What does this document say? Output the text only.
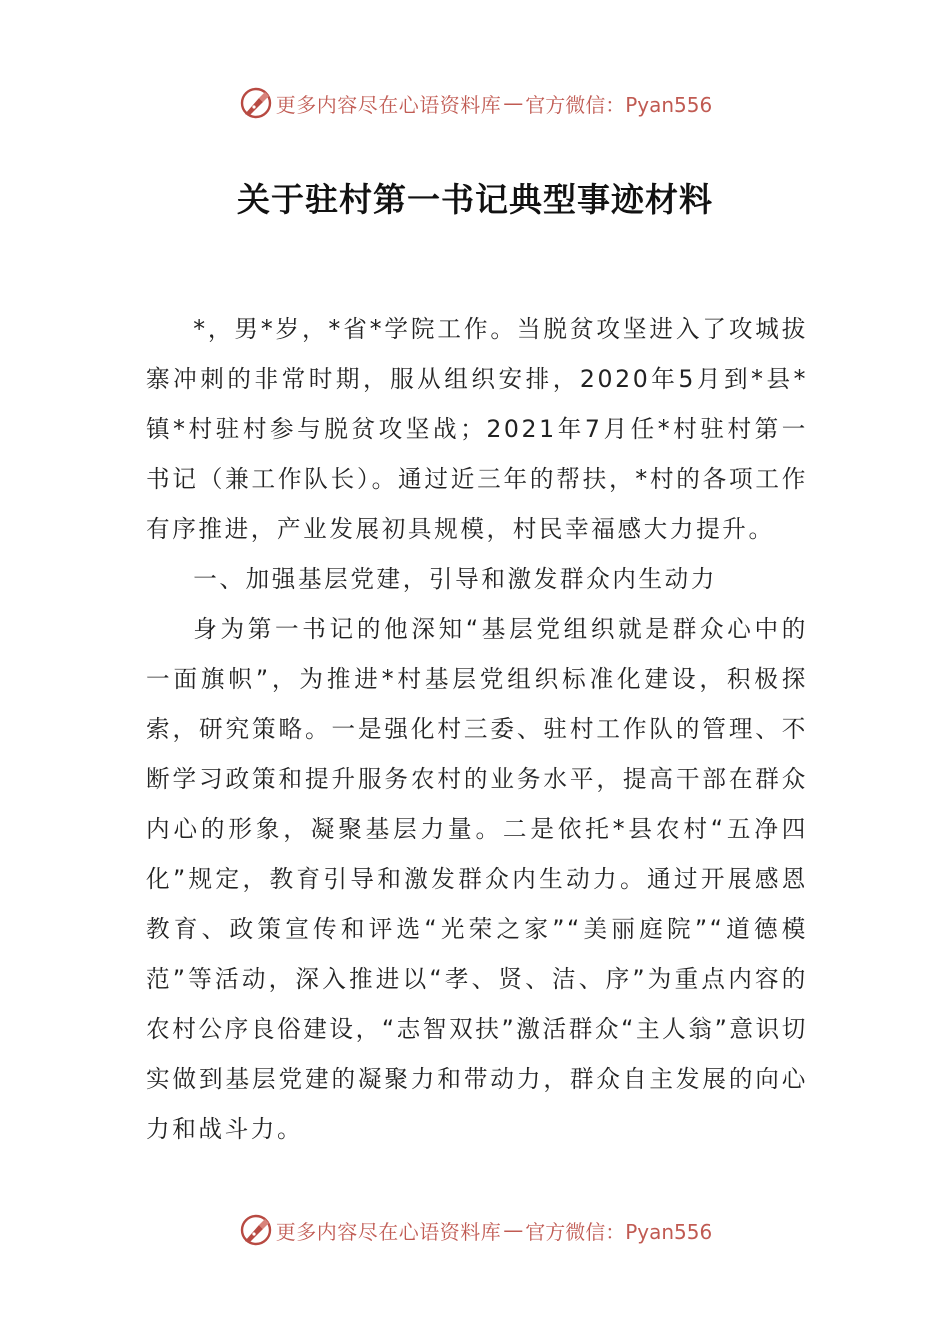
更多内容尽在心语资料库 — 官方微信：Pyan556
关于驻村第一书记典型事迹材料

*，男*岁，*省*学院工作。当脱贫攻坚进入了攻城拔寨冲刺的非常时期，服从组织安排，2020年5月到*县*镇*村驻村参与脱贫攻坚战；2021年7月任*村驻村第一书记（兼工作队长）。通过近三年的帮扶，*村的各项工作有序推进，产业发展初具规模，村民幸福感大力提升。

一、加强基层党建，引导和激发群众内生动力

身为第一书记的他深知“基层党组织就是群众心中的一面旗帜”，为推进*村基层党组织标准化建设，积极探索，研究策略。一是强化村三委、驻村工作队的管理、不断学习政策和提升服务农村的业务水平，提高干部在群众内心的形象，凝聚基层力量。二是依托*县农村“五净四化”规定，教育引导和激发群众内生动力。通过开展感恩教育、政策宣传和评选“光荣之家”“美丽庭院”“道德模范”等活动，深入推进以“孝、贤、洁、序”为重点内容的农村公序良俗建设，“志智双扶”激活群众“主人翁”意识切实做到基层党建的凝聚力和带动力，群众自主发展的向心力和战斗力。

更多内容尽在心语资料库 — 官方微信：Pyan556
